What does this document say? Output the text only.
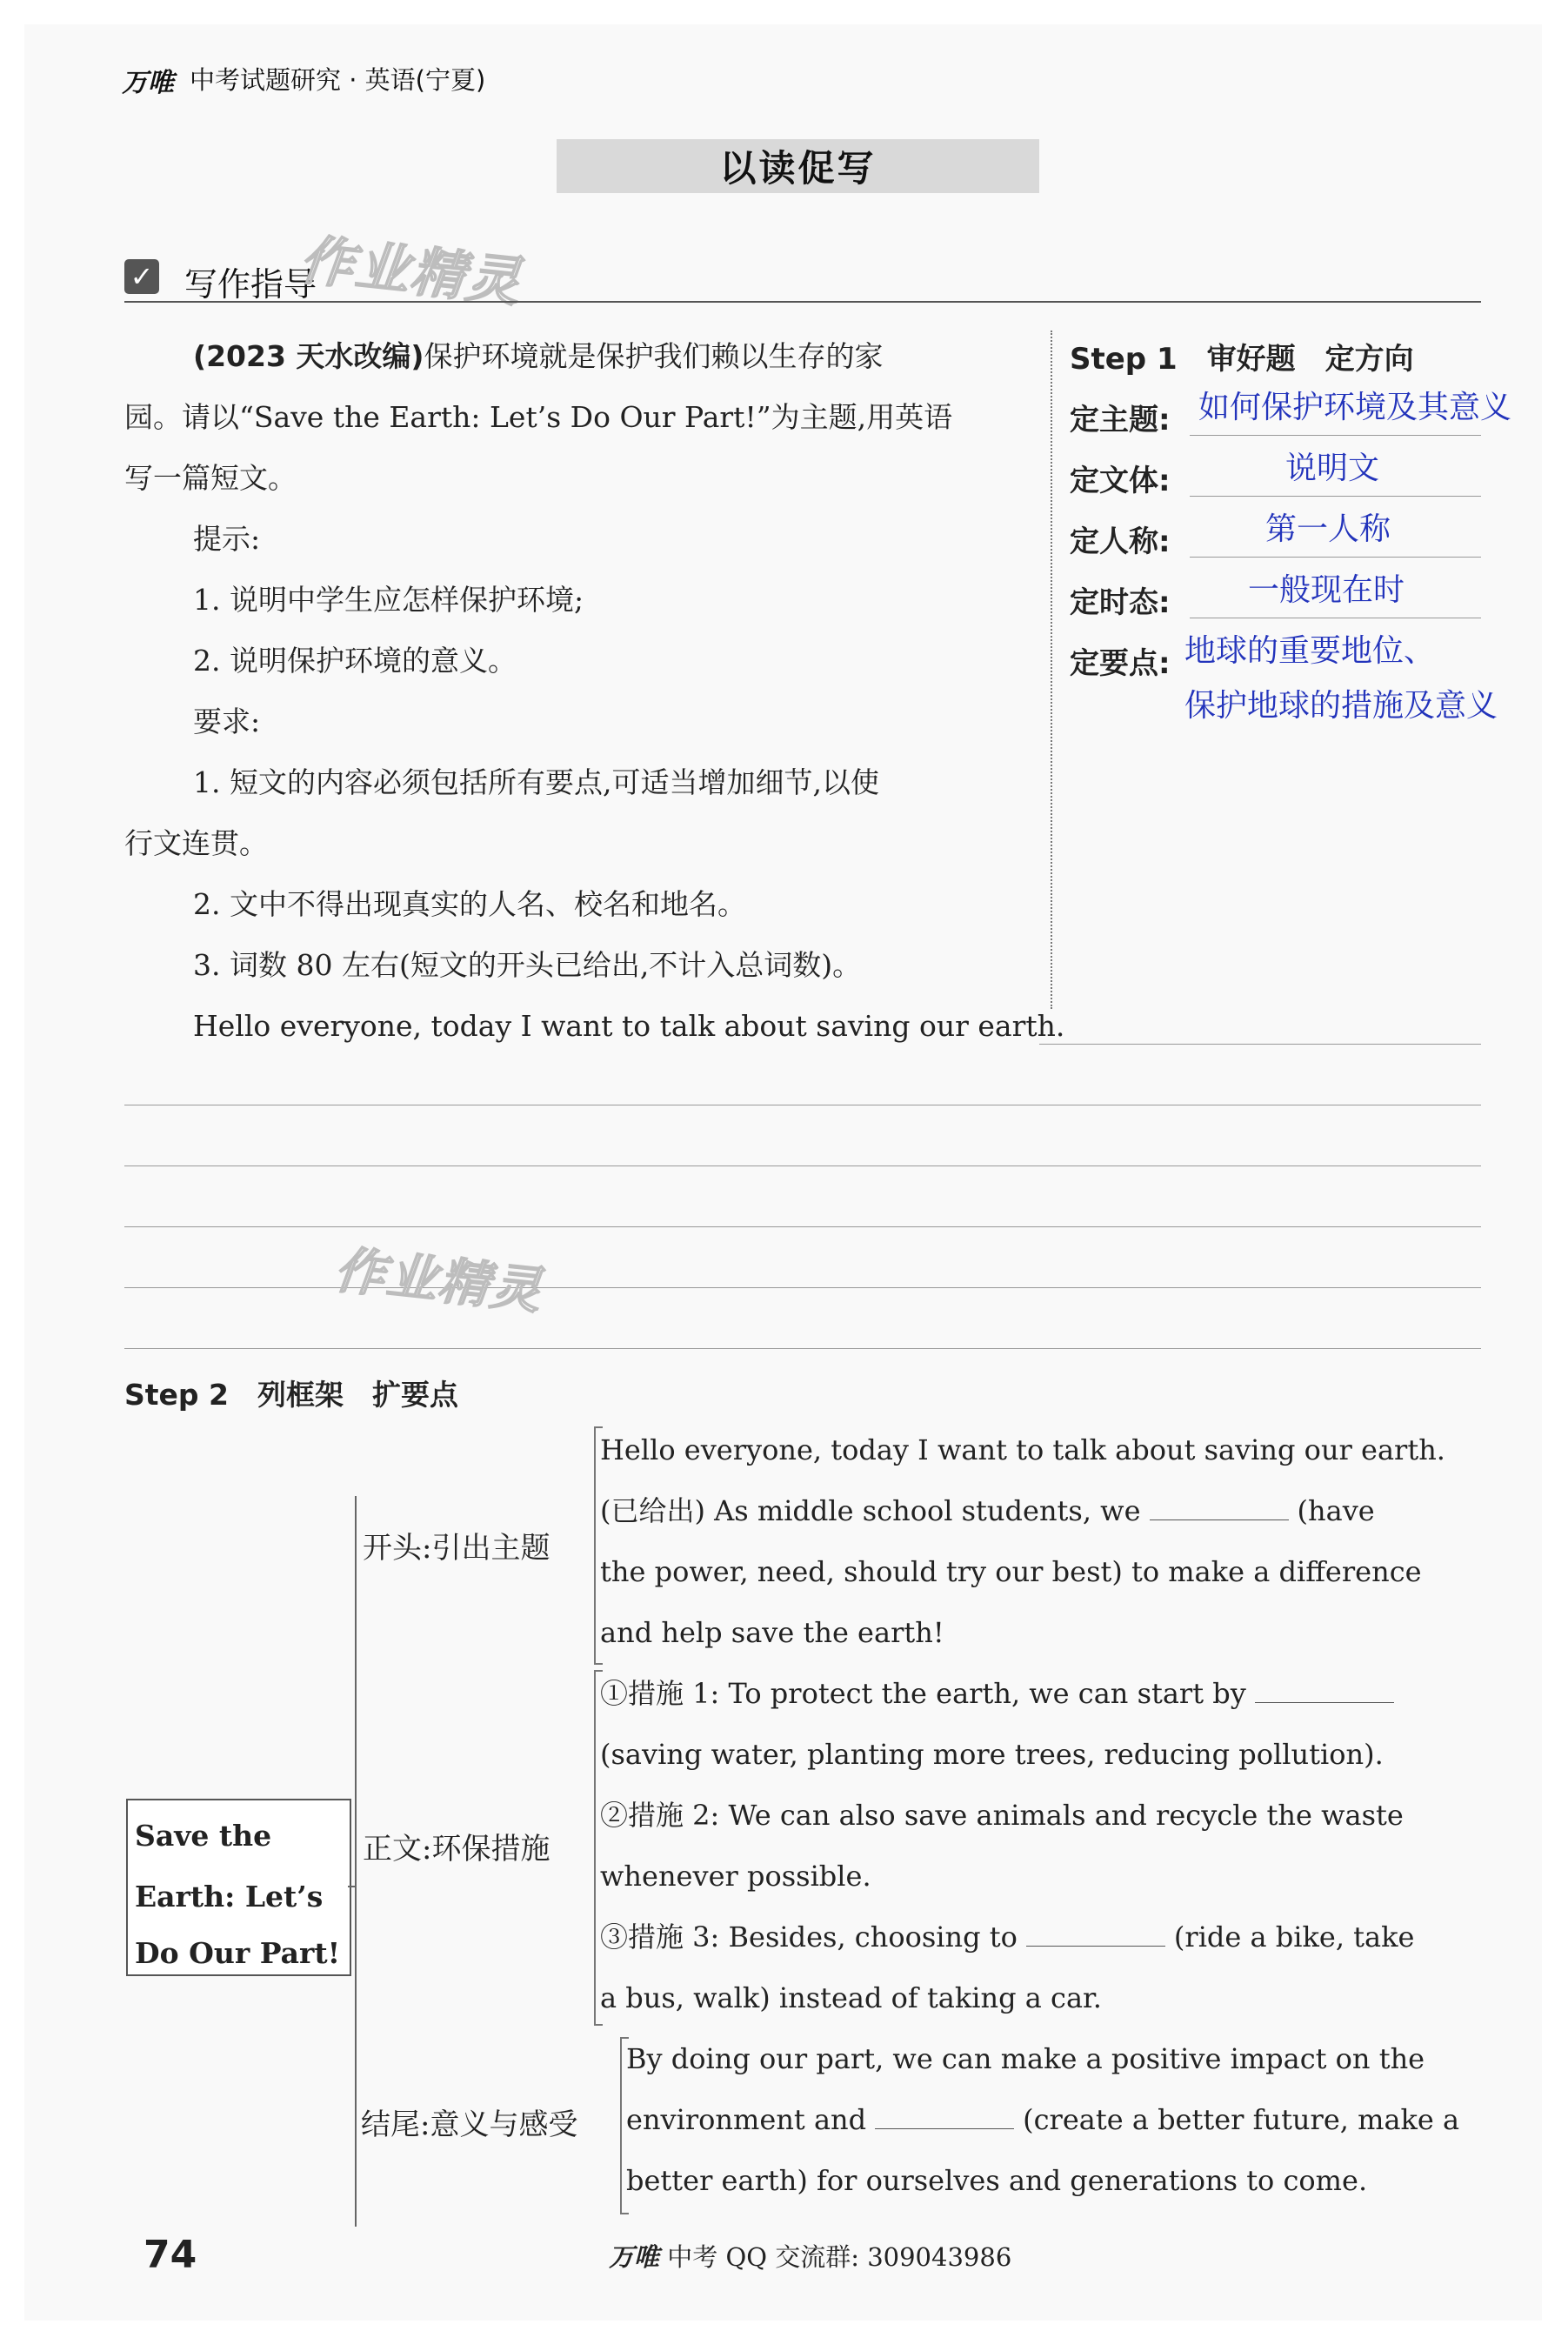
万唯 中考试题研究 · 英语(宁夏)
以读促写
✓ 写作指导
作业精灵
(2023 天水改编)保护环境就是保护我们赖以生存的家
园。请以“Save the Earth: Let’s Do Our Part!”为主题,用英语
写一篇短文。
提示:
1. 说明中学生应怎样保护环境;
2. 说明保护环境的意义。
要求:
1. 短文的内容必须包括所有要点,可适当增加细节,以使
行文连贯。
2. 文中不得出现真实的人名、校名和地名。
3. 词数 80 左右(短文的开头已给出,不计入总词数)。
Hello everyone, today I want to talk about saving our earth.
Step 1　 审好题　定方向
定主题: 如何保护环境及其意义
定文体:	说明文
定人称:	第一人称
定时态: 一般现在时
定要点: 地球的重要地位、
保护地球的措施及意义
作业精灵
Step 2　 列框架　扩要点
Save the
Earth: Let’s
Do Our Part!
开头:引出主题
Hello everyone, today I want to talk about saving our earth.
(已给出) As middle school students, we	(have
the power, need, should try our best) to make a difference
and help save the earth!
正文:环保措施
①措施 1: To protect the earth, we can start by
(saving water, planting more trees, reducing pollution).
②措施 2: We can also save animals and recycle the waste
whenever possible.
③措施 3: Besides, choosing to	(ride a bike, take
a bus, walk) instead of taking a car.
结尾:意义与感受
By doing our part, we can make a positive impact on the
environment and	(create a better future, make a
better earth) for ourselves and generations to come.
74	万唯 中考 QQ 交流群: 309043986
